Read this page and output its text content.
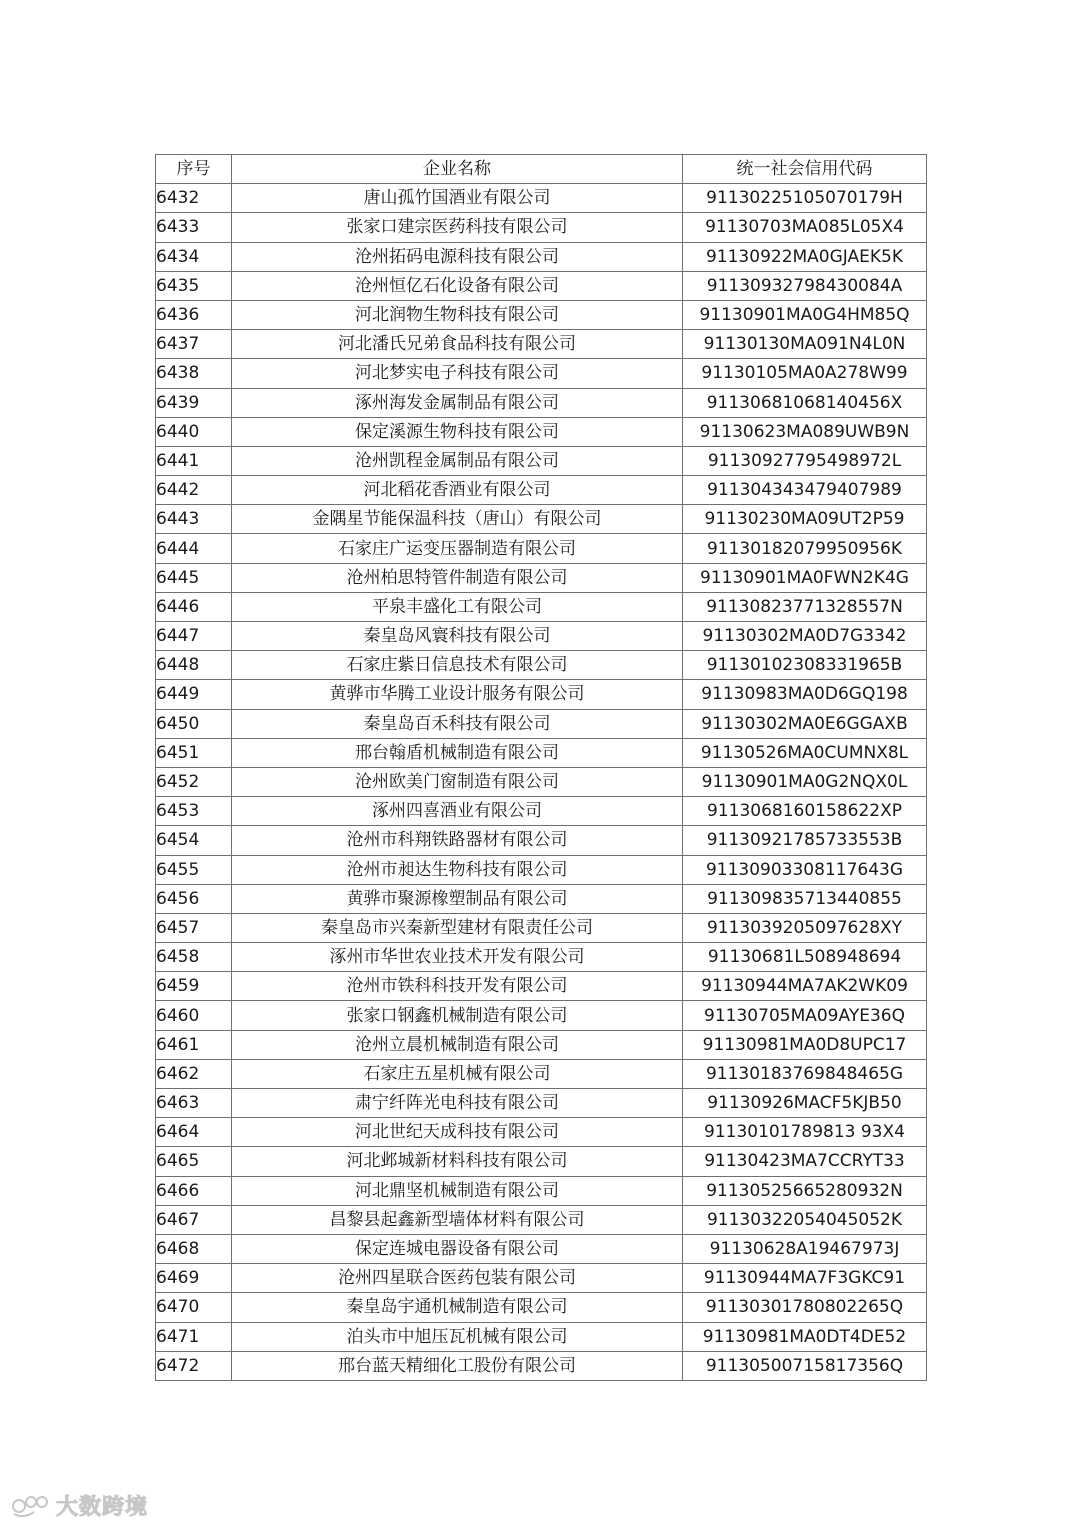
序号	企业名称	统一社会信用代码
6432	唐山孤竹国酒业有限公司	91130225105070179H
6433	张家口建宗医药科技有限公司	91130703MA085L05X4
6434	沧州拓码电源科技有限公司	91130922MA0GJAEK5K
6435	沧州恒亿石化设备有限公司	91130932798430084A
6436	河北润物生物科技有限公司	91130901MA0G4HM85Q
6437	河北潘氏兄弟食品科技有限公司	91130130MA091N4L0N
6438	河北梦实电子科技有限公司	91130105MA0A278W99
6439	涿州海发金属制品有限公司	91130681068140456X
6440	保定溪源生物科技有限公司	91130623MA089UWB9N
6441	沧州凯程金属制品有限公司	91130927795498972L
6442	河北稻花香酒业有限公司	911304343479407989
6443	金隅星节能保温科技（唐山）有限公司	91130230MA09UT2P59
6444	石家庄广运变压器制造有限公司	91130182079950956K
6445	沧州柏思特管件制造有限公司	91130901MA0FWN2K4G
6446	平泉丰盛化工有限公司	91130823771328557N
6447	秦皇岛风寰科技有限公司	91130302MA0D7G3342
6448	石家庄紫日信息技术有限公司	91130102308331965B
6449	黄骅市华腾工业设计服务有限公司	91130983MA0D6GQ198
6450	秦皇岛百禾科技有限公司	91130302MA0E6GGAXB
6451	邢台翰盾机械制造有限公司	91130526MA0CUMNX8L
6452	沧州欧美门窗制造有限公司	91130901MA0G2NQX0L
6453	涿州四喜酒业有限公司	9113068160158622XP
6454	沧州市科翔铁路器材有限公司	91130921785733553B
6455	沧州市昶达生物科技有限公司	91130903308117643G
6456	黄骅市聚源橡塑制品有限公司	911309835713440855
6457	秦皇岛市兴秦新型建材有限责任公司	9113039205097628XY
6458	涿州市华世农业技术开发有限公司	91130681L508948694
6459	沧州市铁科科技开发有限公司	91130944MA7AK2WK09
6460	张家口钢鑫机械制造有限公司	91130705MA09AYE36Q
6461	沧州立晨机械制造有限公司	91130981MA0D8UPC17
6462	石家庄五星机械有限公司	91130183769848465G
6463	肃宁纤阵光电科技有限公司	91130926MACF5KJB50
6464	河北世纪天成科技有限公司	91130101789813 93X4
6465	河北邺城新材料科技有限公司	91130423MA7CCRYT33
6466	河北鼎坚机械制造有限公司	91130525665280932N
6467	昌黎县起鑫新型墙体材料有限公司	91130322054045052K
6468	保定连城电器设备有限公司	91130628A19467973J
6469	沧州四星联合医药包装有限公司	91130944MA7F3GKC91
6470	秦皇岛宇通机械制造有限公司	91130301780802265Q
6471	泊头市中旭压瓦机械有限公司	91130981MA0DT4DE52
6472	邢台蓝天精细化工股份有限公司	91130500715817356Q
大数跨境
